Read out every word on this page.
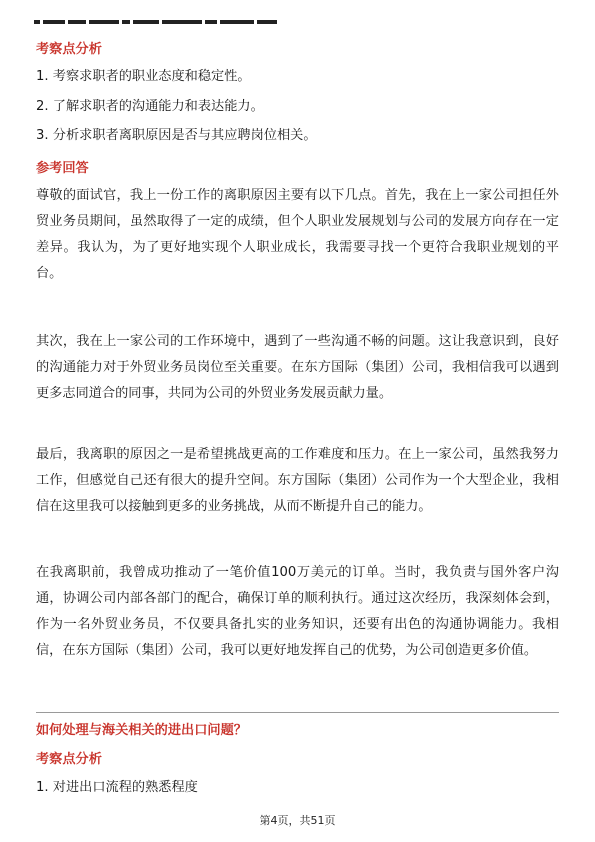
考察点分析
1. 考察求职者的职业态度和稳定性。
2. 了解求职者的沟通能力和表达能力。
3. 分析求职者离职原因是否与其应聘岗位相关。
参考回答

尊敬的面试官，我上一份工作的离职原因主要有以下几点。首先，我在上一家公司担任外贸业务员期间，虽然取得了一定的成绩，但个人职业发展规划与公司的发展方向存在一定差异。我认为，为了更好地实现个人职业成长，我需要寻找一个更符合我职业规划的平台。

其次，我在上一家公司的工作环境中，遇到了一些沟通不畅的问题。这让我意识到，良好的沟通能力对于外贸业务员岗位至关重要。在东方国际（集团）公司，我相信我可以遇到更多志同道合的同事，共同为公司的外贸业务发展贡献力量。

最后，我离职的原因之一是希望挑战更高的工作难度和压力。在上一家公司，虽然我努力工作，但感觉自己还有很大的提升空间。东方国际（集团）公司作为一个大型企业，我相信在这里我可以接触到更多的业务挑战，从而不断提升自己的能力。

在我离职前，我曾成功推动了一笔价值100万美元的订单。当时，我负责与国外客户沟通，协调公司内部各部门的配合，确保订单的顺利执行。通过这次经历，我深刻体会到，作为一名外贸业务员，不仅要具备扎实的业务知识，还要有出色的沟通协调能力。我相信，在东方国际（集团）公司，我可以更好地发挥自己的优势，为公司创造更多价值。

如何处理与海关相关的进出口问题？
考察点分析
1. 对进出口流程的熟悉程度
第4页，共51页
